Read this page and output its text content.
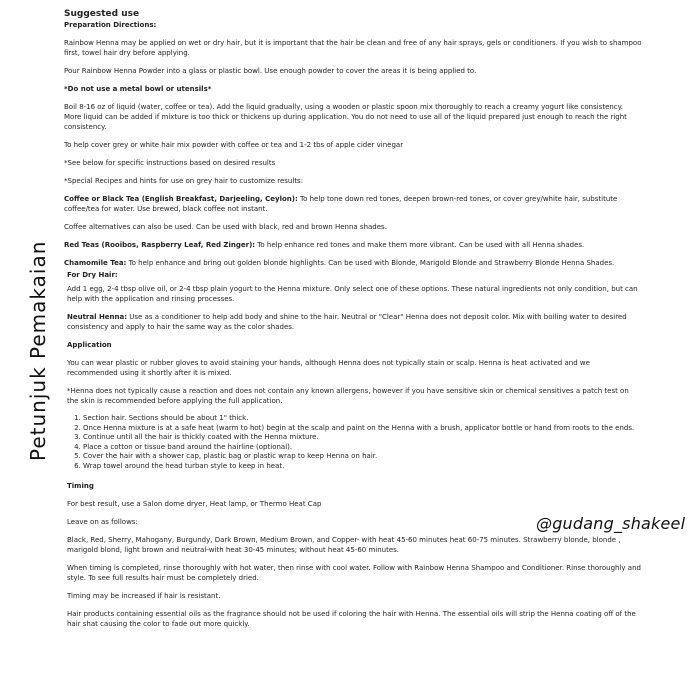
Petunjuk Pemakaian
@gudang_shakeel
Suggested use
Preparation Directions:

Rainbow Henna may be applied on wet or dry hair, but it is important that the hair be clean and free of any hair sprays, gels or conditioners. If you wish to shampoo first, towel hair dry before applying.

Pour Rainbow Henna Powder into a glass or plastic bowl. Use enough powder to cover the areas it is being applied to.

*Do not use a metal bowl or utensils*

Boil 8-16 oz of liquid (water, coffee or tea). Add the liquid gradually, using a wooden or plastic spoon mix thoroughly to reach a creamy yogurt like consistency. More liquid can be added if mixture is too thick or thickens up during application. You do not need to use all of the liquid prepared just enough to reach the right consistency.

To help cover grey or white hair mix powder with coffee or tea and 1-2 tbs of apple cider vinegar

*See below for specific instructions based on desired results

*Special Recipes and hints for use on grey hair to customize results:

Coffee or Black Tea (English Breakfast, Darjeeling, Ceylon): To help tone down red tones, deepen brown-red tones, or cover grey/white hair, substitute coffee/tea for water. Use brewed, black coffee not instant.

Coffee alternatives can also be used. Can be used with black, red and brown Henna shades.

Red Teas (Rooibos, Raspberry Leaf, Red Zinger): To help enhance red tones and make them more vibrant. Can be used with all Henna shades.

Chamomile Tea: To help enhance and bring out golden blonde highlights. Can be used with Blonde, Marigold Blonde and Strawberry Blonde Henna Shades.

For Dry Hair:

Add 1 egg, 2-4 tbsp olive oil, or 2-4 tbsp plain yogurt to the Henna mixture. Only select one of these options. These natural ingredients not only condition, but can help with the application and rinsing processes.

Neutral Henna: Use as a conditioner to help add body and shine to the hair. Neutral or "Clear" Henna does not deposit color. Mix with boiling water to desired consistency and apply to hair the same way as the color shades.

Application

You can wear plastic or rubber gloves to avoid staining your hands, although Henna does not typically stain or scalp. Henna is heat activated and we recommended using it shortly after it is mixed.

*Henna does not typically cause a reaction and does not contain any known allergens, however if you have sensitive skin or chemical sensitives a patch test on the skin is recommended before applying the full application.

1. Section hair. Sections should be about 1" thick.
2. Once Henna mixture is at a safe heat (warm to hot) begin at the scalp and paint on the Henna with a brush, applicator bottle or hand from roots to the ends.
3. Continue until all the hair is thickly coated with the Henna mixture.
4. Place a cotton or tissue band around the hairline (optional).
5. Cover the hair with a shower cap, plastic bag or plastic wrap to keep Henna on hair.
6. Wrap towel around the head turban style to keep in heat.
Timing

For best result, use a Salon dome dryer, Heat lamp, or Thermo Heat Cap

Leave on as follows:

Black, Red, Sherry, Mahogany, Burgundy, Dark Brown, Medium Brown, and Copper- with heat 45-60 minutes heat 60-75 minutes. Strawberry blonde, blonde , marigold blond, light brown and neutral-with heat 30-45 minutes; without heat 45-60 minutes.

When timing is completed, rinse thoroughly with hot water, then rinse with cool water. Follow with Rainbow Henna Shampoo and Conditioner. Rinse thoroughly and style. To see full results hair must be completely dried.

Timing may be increased if hair is resistant.

Hair products containing essential oils as the fragrance should not be used if coloring the hair with Henna. The essential oils will strip the Henna coating off of the hair shat causing the color to fade out more quickly.
